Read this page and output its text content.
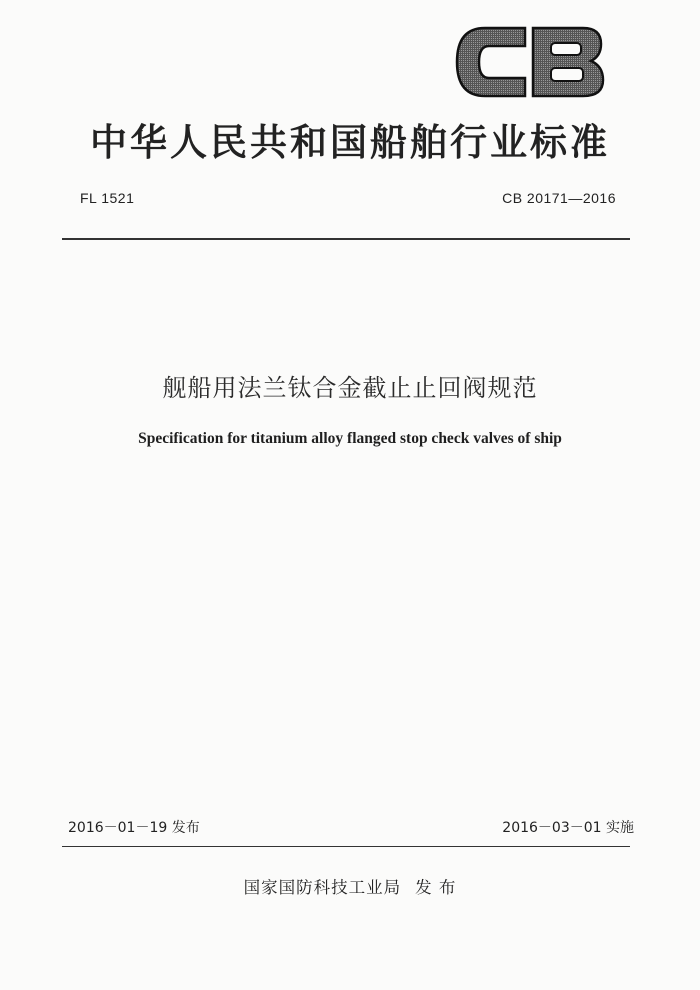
中华人民共和国船舶行业标准
FL 1521	CB 20171—2016
舰船用法兰钛合金截止止回阀规范
Specification for titanium alloy flanged stop check valves of ship
2016－01－19 发布	2016－03－01 实施
国家国防科技工业局 发 布
